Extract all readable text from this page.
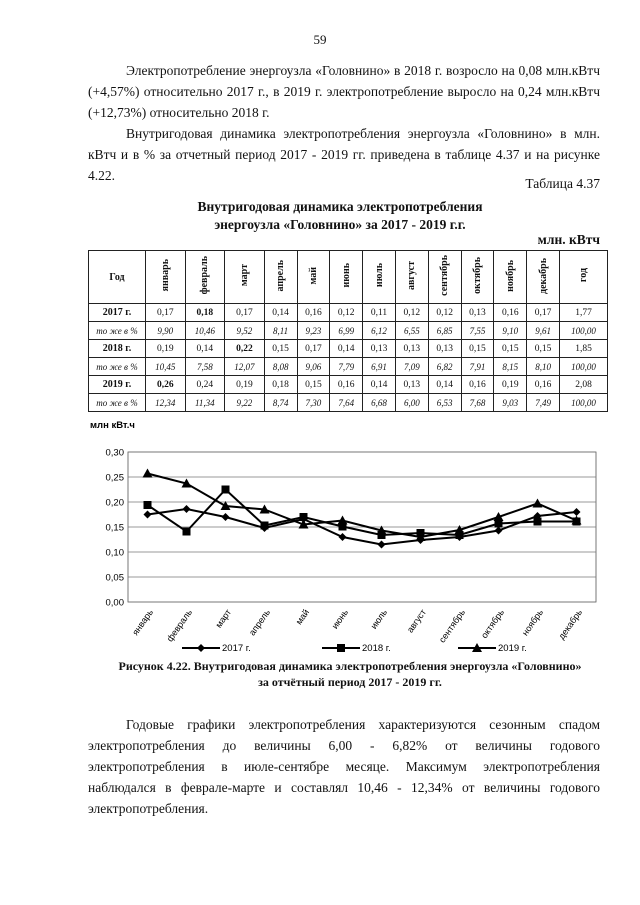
59

Электропотребление энергоузла «Головнино» в 2018 г. возросло на 0,08 млн.кВтч (+4,57%) относительно 2017 г., в 2019 г. электропотребление выросло на 0,24 млн.кВтч (+12,73%) относительно 2018 г.

Внутригодовая динамика электропотребления энергоузла «Головнино» в млн. кВтч и в % за отчетный период 2017 - 2019 гг. приведена в таблице 4.37 и на рисунке 4.22.

Таблица 4.37
Внутригодовая динамика электропотребления
энергоузла «Головнино» за 2017 - 2019 г.г.
млн. кВтч
Год	январь	февраль	март	апрель	май	июнь	июль	август	сентябрь	октябрь	ноябрь	декабрь	год
2017 г.	0,17	0,18	0,17	0,14	0,16	0,12	0,11	0,12	0,12	0,13	0,16	0,17	1,77
то же в %	9,90	10,46	9,52	8,11	9,23	6,99	6,12	6,55	6,85	7,55	9,10	9,61	100,00
2018 г.	0,19	0,14	0,22	0,15	0,17	0,14	0,13	0,13	0,13	0,15	0,15	0,15	1,85
то же в %	10,45	7,58	12,07	8,08	9,06	7,79	6,91	7,09	6,82	7,91	8,15	8,10	100,00
2019 г.	0,26	0,24	0,19	0,18	0,15	0,16	0,14	0,13	0,14	0,16	0,19	0,16	2,08
то же в %	12,34	11,34	9,22	8,74	7,30	7,64	6,68	6,00	6,53	7,68	9,03	7,49	100,00
млн кВт.ч
0,00
0,05
0,10
0,15
0,20
0,25
0,30
январь февраль март апрель май июнь июль август сентябрь октябрь ноябрь декабрь
2017 г.	2018 г.	2019 г.
Рисунок 4.22. Внутригодовая динамика электропотребления энергоузла «Головнино»
за отчётный период 2017 - 2019 гг.

Годовые графики электропотребления характеризуются сезонным спадом электропотребления до величины 6,00 - 6,82% от величины годового электропотребления в июле-сентябре месяце. Максимум электропотребления наблюдался в феврале-марте и составлял 10,46 - 12,34% от величины годового электропотребления.
